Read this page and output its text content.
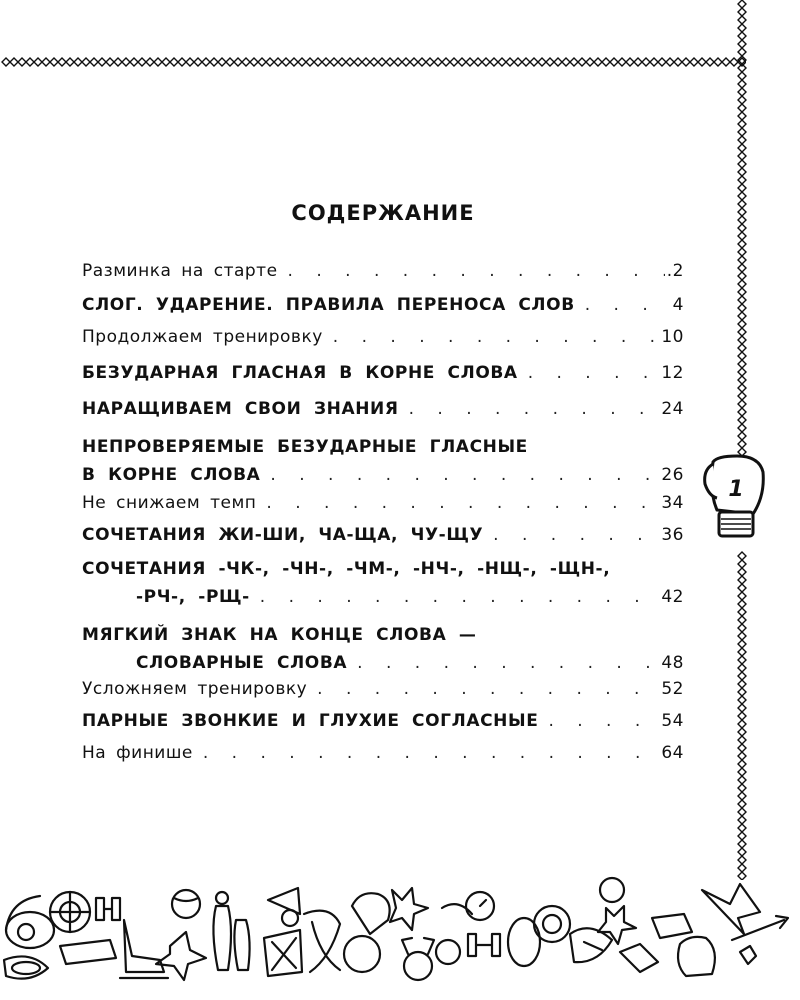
СОДЕРЖАНИЕ
Разминка на старте . . .	.2
СЛОГ. УДАРЕНИЕ. ПРАВИЛА ПЕРЕНОСА СЛОВ . . .	4
Продолжаем тренировку . . .	10
БЕЗУДАРНАЯ ГЛАСНАЯ В КОРНЕ СЛОВА . . .	12
НАРАЩИВАЕМ СВОИ ЗНАНИЯ . . .	24
НЕПРОВЕРЯЕМЫЕ БЕЗУДАРНЫЕ ГЛАСНЫЕ
В КОРНЕ СЛОВА . . .	26
Не снижаем темп . . .	34
СОЧЕТАНИЯ ЖИ-ШИ, ЧА-ЩА, ЧУ-ЩУ . . .	36
СОЧЕТАНИЯ -ЧК-, -ЧН-, -ЧМ-, -НЧ-, -НЩ-, -ЩН-,
-РЧ-, -РЩ- . . .	42
МЯГКИЙ ЗНАК НА КОНЦЕ СЛОВА —
СЛОВАРНЫЕ СЛОВА . . .	48
Усложняем тренировку . . .	52
ПАРНЫЕ ЗВОНКИЕ И ГЛУХИЕ СОГЛАСНЫЕ . . .	54
На финише . . .	64
1
